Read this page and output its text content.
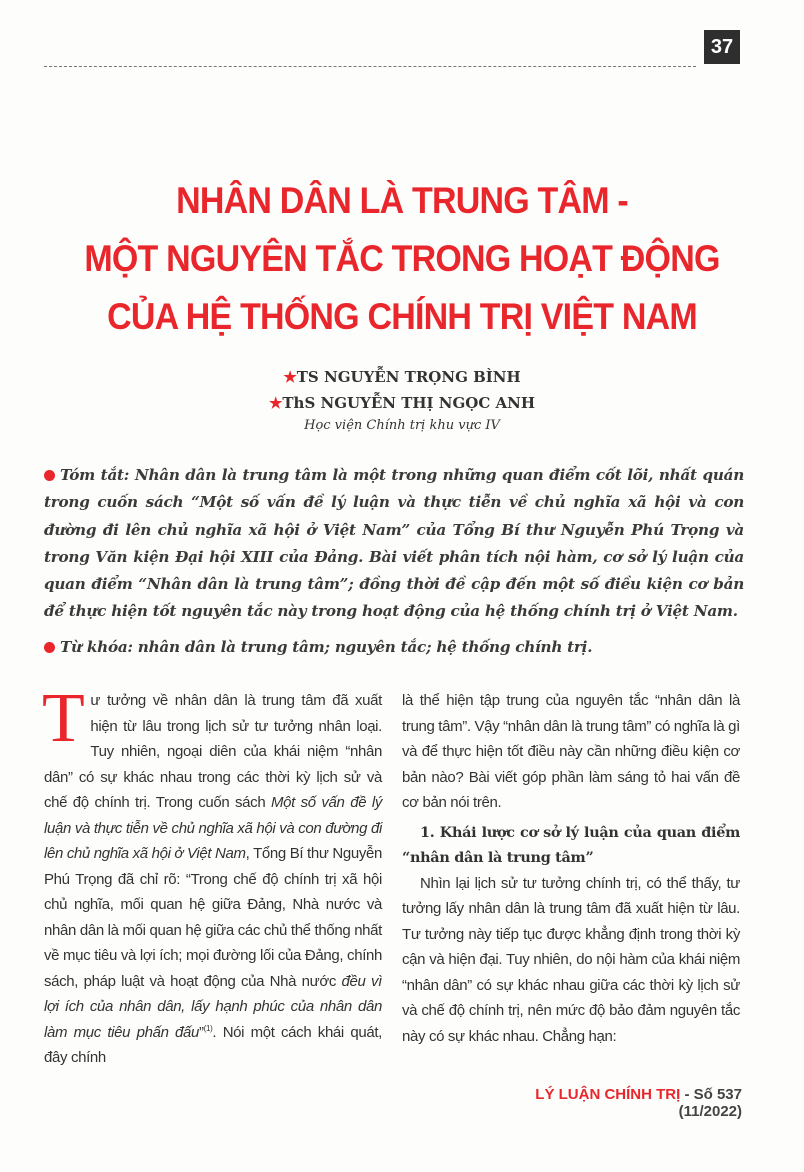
37
NHÂN DÂN LÀ TRUNG TÂM -
MỘT NGUYÊN TẮC TRONG HOẠT ĐỘNG
CỦA HỆ THỐNG CHÍNH TRỊ VIỆT NAM
★TS NGUYỄN TRỌNG BÌNH
★ThS NGUYỄN THỊ NGỌC ANH
Học viện Chính trị khu vực IV

Tóm tắt: Nhân dân là trung tâm là một trong những quan điểm cốt lõi, nhất quán trong cuốn sách “Một số vấn đề lý luận và thực tiễn về chủ nghĩa xã hội và con đường đi lên chủ nghĩa xã hội ở Việt Nam” của Tổng Bí thư Nguyễn Phú Trọng và trong Văn kiện Đại hội XIII của Đảng. Bài viết phân tích nội hàm, cơ sở lý luận của quan điểm “Nhân dân là trung tâm”; đồng thời đề cập đến một số điều kiện cơ bản để thực hiện tốt nguyên tắc này trong hoạt động của hệ thống chính trị ở Việt Nam.

Từ khóa: nhân dân là trung tâm; nguyên tắc; hệ thống chính trị.

Tư tưởng về nhân dân là trung tâm đã xuất hiện từ lâu trong lịch sử tư tưởng nhân loại. Tuy nhiên, ngoại diên của khái niệm “nhân dân” có sự khác nhau trong các thời kỳ lịch sử và chế độ chính trị. Trong cuốn sách Một số vấn đề lý luận và thực tiễn về chủ nghĩa xã hội và con đường đi lên chủ nghĩa xã hội ở Việt Nam, Tổng Bí thư Nguyễn Phú Trọng đã chỉ rõ: “Trong chế độ chính trị xã hội chủ nghĩa, mối quan hệ giữa Đảng, Nhà nước và nhân dân là mối quan hệ giữa các chủ thể thống nhất về mục tiêu và lợi ích; mọi đường lối của Đảng, chính sách, pháp luật và hoạt động của Nhà nước đều vì lợi ích của nhân dân, lấy hạnh phúc của nhân dân làm mục tiêu phấn đấu”$^{(1)}$. Nói một cách khái quát, đây chính

là thể hiện tập trung của nguyên tắc “nhân dân là trung tâm”. Vậy “nhân dân là trung tâm” có nghĩa là gì và để thực hiện tốt điều này cần những điều kiện cơ bản nào? Bài viết góp phần làm sáng tỏ hai vấn đề cơ bản nói trên.

1. Khái lược cơ sở lý luận của quan điểm “nhân dân là trung tâm”

Nhìn lại lịch sử tư tưởng chính trị, có thể thấy, tư tưởng lấy nhân dân là trung tâm đã xuất hiện từ lâu. Tư tưởng này tiếp tục được khẳng định trong thời kỳ cận và hiện đại. Tuy nhiên, do nội hàm của khái niệm “nhân dân” có sự khác nhau giữa các thời kỳ lịch sử và chế độ chính trị, nên mức độ bảo đảm nguyên tắc này có sự khác nhau. Chẳng hạn:

LÝ LUẬN CHÍNH TRỊ - Số 537 (11/2022)
